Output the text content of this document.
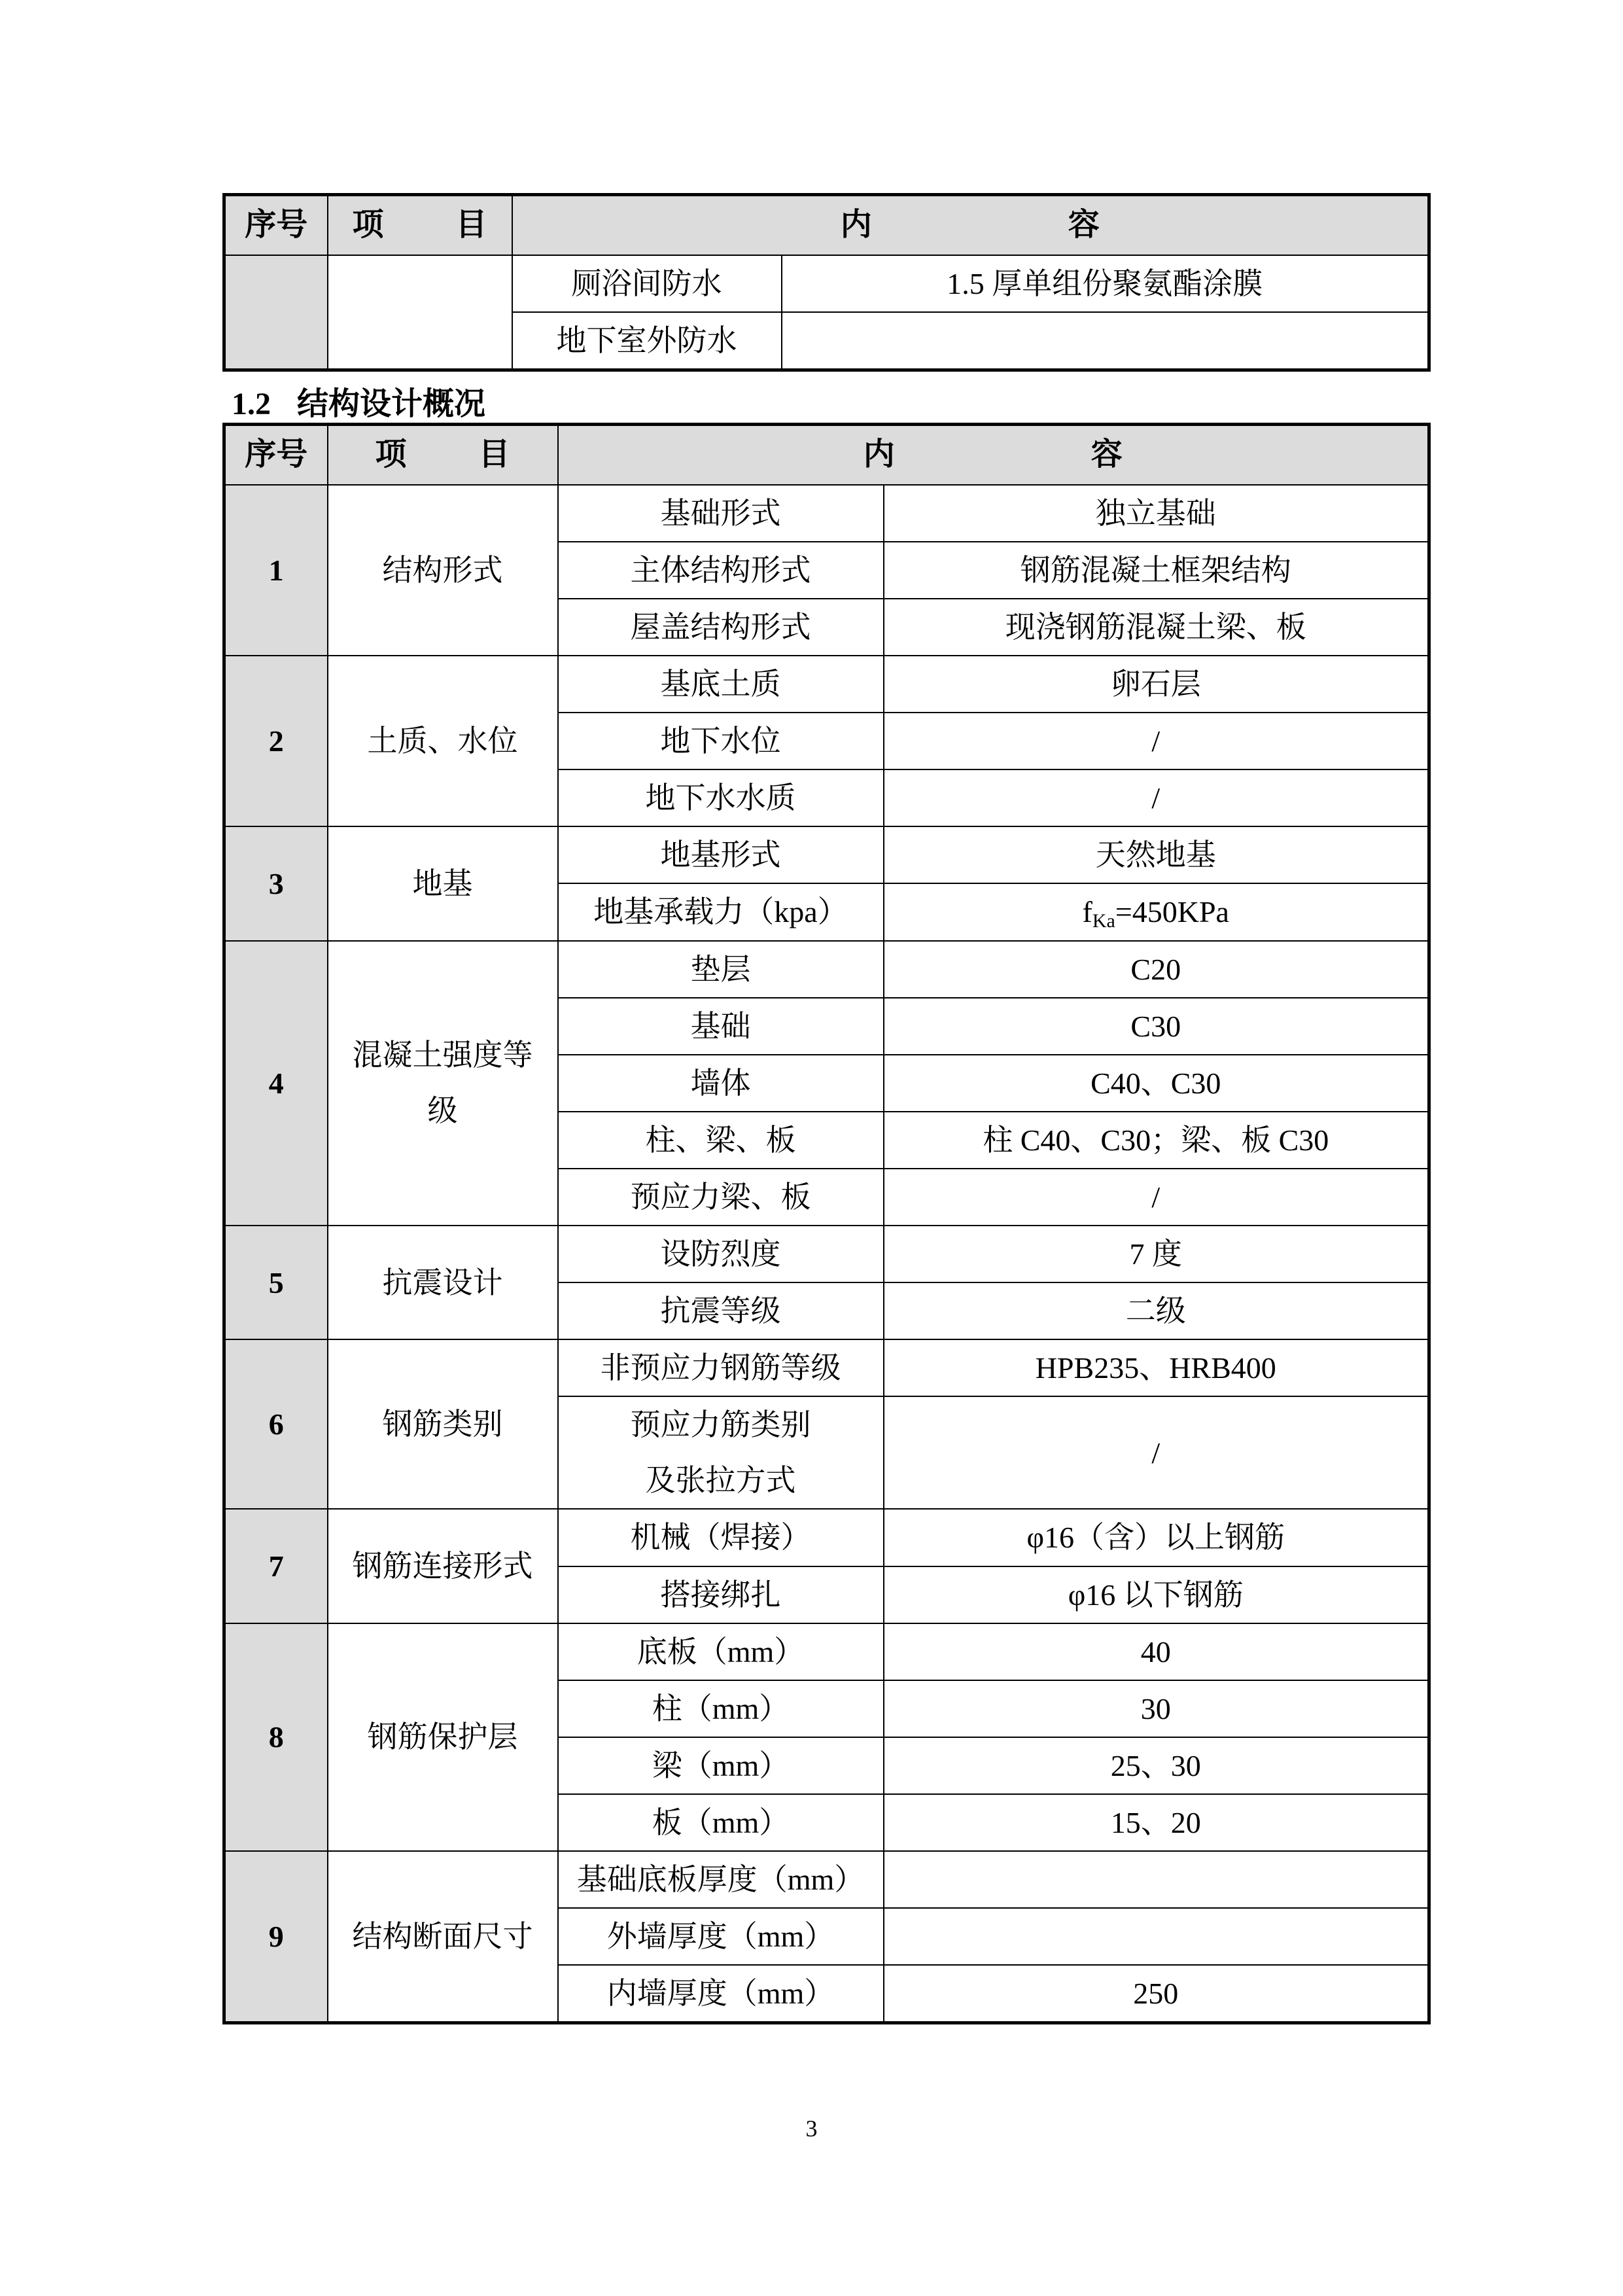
序号	项 目	内 容	
		厕浴间防水	1.5 厚单组份聚氨酯涂膜
		地下室外防水	
1.2 结构设计概况
序号	项 目	内 容	
1	结构形式	基础形式	独立基础
		主体结构形式	钢筋混凝土框架结构
		屋盖结构形式	现浇钢筋混凝土梁、板
2	土质、水位	基底土质	卵石层
		地下水位	/
		地下水水质	/
3	地基	地基形式	天然地基
		地基承载力（kpa）	$f_{Ka}=450KPa$
4	混凝土强度等
级	垫层	C20
		基础	C30
		墙体	C40、C30
		柱、梁、板	柱 C40、C30；梁、板 C30
		预应力梁、板	/
5	抗震设计	设防烈度	7 度
		抗震等级	二级
6	钢筋类别	非预应力钢筋等级	HPB235、HRB400
		预应力筋类别
及张拉方式	/
7	钢筋连接形式	机械（焊接）	φ16（含）以上钢筋
		搭接绑扎	φ16 以下钢筋
8	钢筋保护层	底板（mm）	40
		柱（mm）	30
		梁（mm）	25、30
		板（mm）	15、20
9	结构断面尺寸	基础底板厚度（mm）	
		外墙厚度（mm）	
		内墙厚度（mm）	250
3
